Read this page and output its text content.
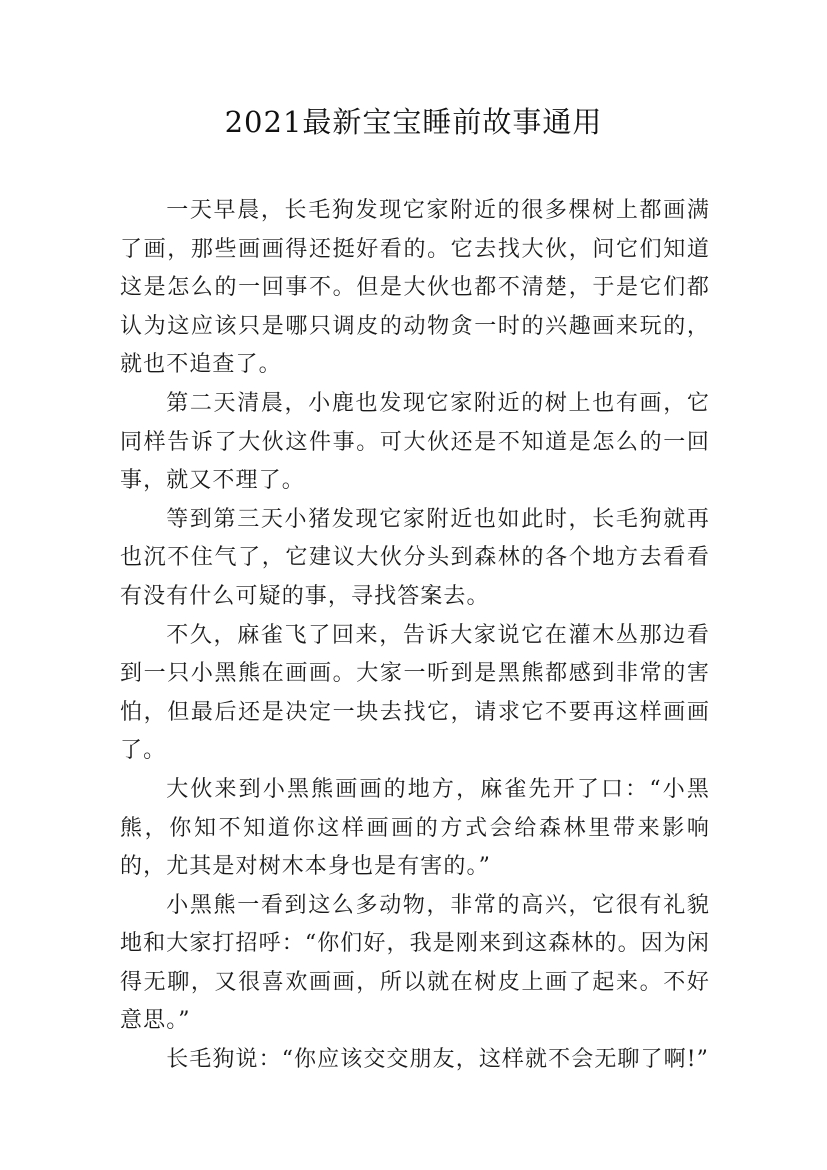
2021最新宝宝睡前故事通用

一天早晨，长毛狗发现它家附近的很多棵树上都画满了画，那些画画得还挺好看的。它去找大伙，问它们知道这是怎么的一回事不。但是大伙也都不清楚，于是它们都认为这应该只是哪只调皮的动物贪一时的兴趣画来玩的，就也不追查了。

第二天清晨，小鹿也发现它家附近的树上也有画，它同样告诉了大伙这件事。可大伙还是不知道是怎么的一回事，就又不理了。

等到第三天小猪发现它家附近也如此时，长毛狗就再也沉不住气了，它建议大伙分头到森林的各个地方去看看有没有什么可疑的事，寻找答案去。

不久，麻雀飞了回来，告诉大家说它在灌木丛那边看到一只小黑熊在画画。大家一听到是黑熊都感到非常的害怕，但最后还是决定一块去找它，请求它不要再这样画画了。

大伙来到小黑熊画画的地方，麻雀先开了口：“小黑熊，你知不知道你这样画画的方式会给森林里带来影响的，尤其是对树木本身也是有害的。”

小黑熊一看到这么多动物，非常的高兴，它很有礼貌地和大家打招呼：“你们好，我是刚来到这森林的。因为闲得无聊，又很喜欢画画，所以就在树皮上画了起来。不好意思。”

长毛狗说：“你应该交交朋友，这样就不会无聊了啊!”
